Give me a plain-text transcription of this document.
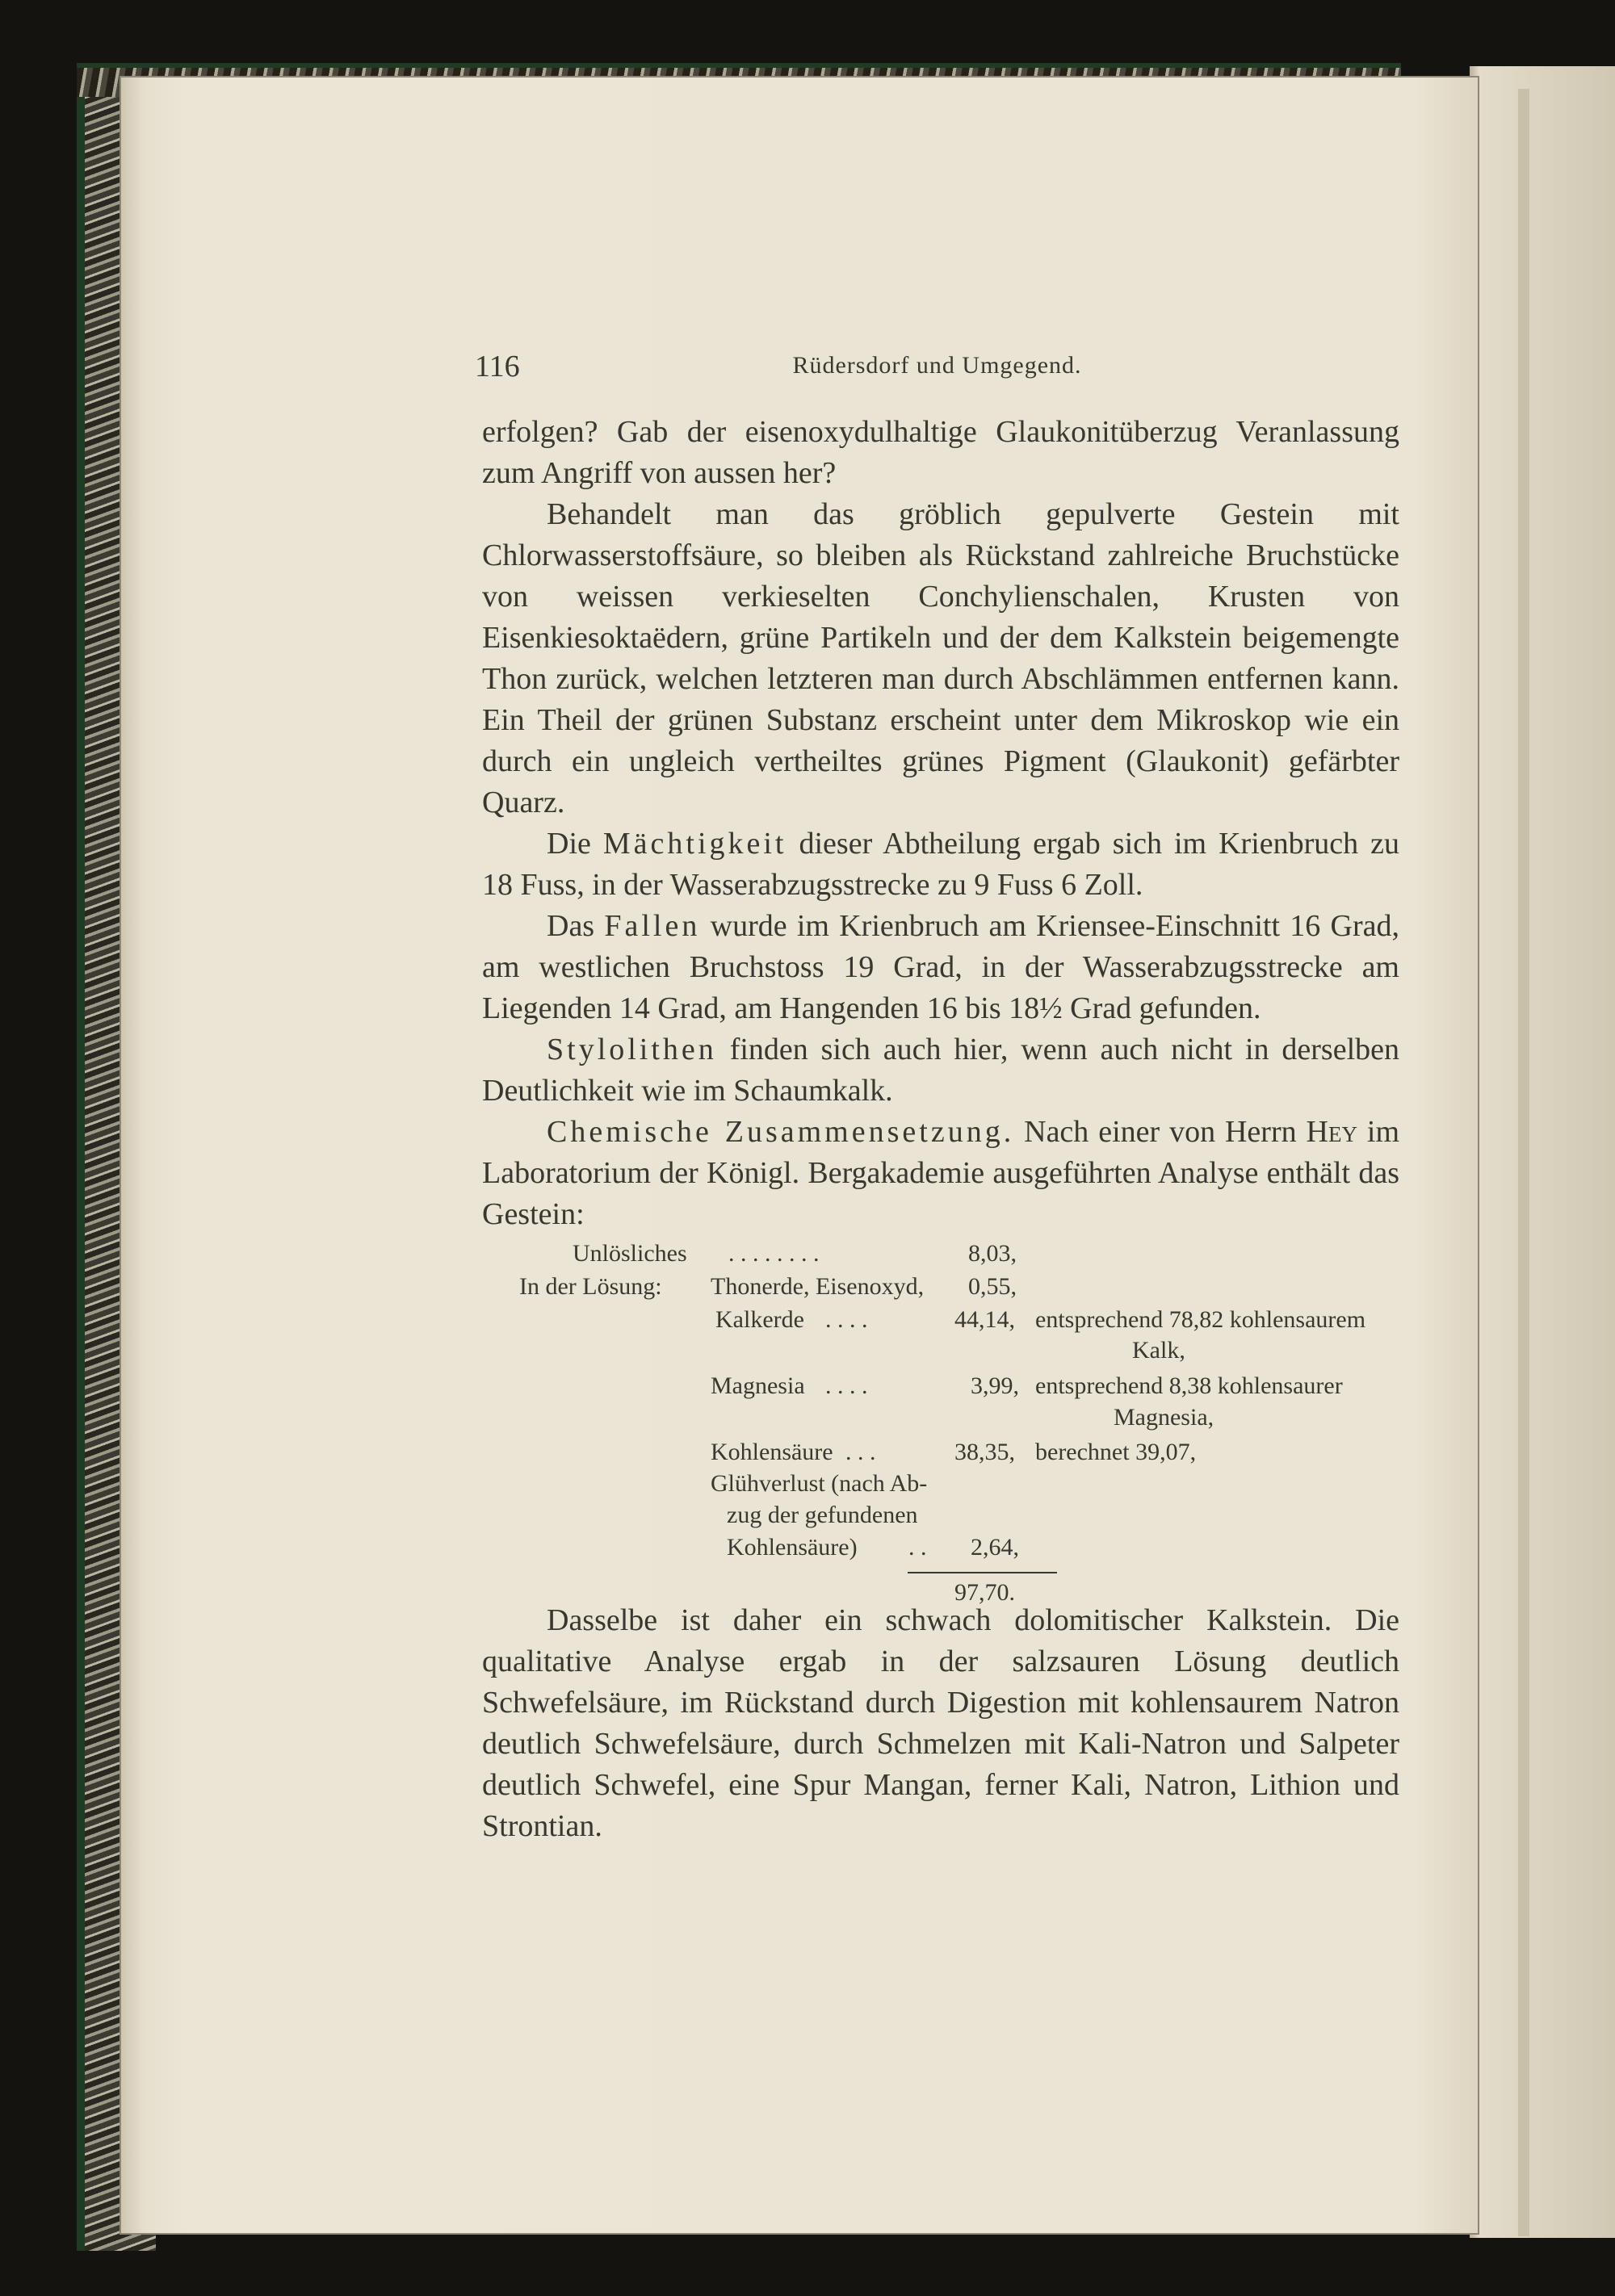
116	Rüdersdorf und Umgegend.

erfolgen? Gab der eisenoxydulhaltige Glaukonitüberzug Veranlassung zum Angriff von aussen her?

Behandelt man das gröblich gepulverte Gestein mit Chlorwasserstoffsäure, so bleiben als Rückstand zahlreiche Bruchstücke von weissen verkieselten Conchylienschalen, Krusten von Eisenkiesoktaëdern, grüne Partikeln und der dem Kalkstein beigemengte Thon zurück, welchen letzteren man durch Abschlämmen entfernen kann. Ein Theil der grünen Substanz erscheint unter dem Mikroskop wie ein durch ein ungleich vertheiltes grünes Pigment (Glaukonit) gefärbter Quarz.

Die Mächtigkeit dieser Abtheilung ergab sich im Krienbruch zu 18 Fuss, in der Wasserabzugsstrecke zu 9 Fuss 6 Zoll.

Das Fallen wurde im Krienbruch am Kriensee-Einschnitt 16 Grad, am westlichen Bruchstoss 19 Grad, in der Wasserabzugsstrecke am Liegenden 14 Grad, am Hangenden 16 bis 18½ Grad gefunden.

Stylolithen finden sich auch hier, wenn auch nicht in derselben Deutlichkeit wie im Schaumkalk.

Chemische Zusammensetzung. Nach einer von Herrn Hey im Laboratorium der Königl. Bergakademie ausgeführten Analyse enthält das Gestein:

Unlösliches . . . . . . . .	8,03,
In der Lösung: Thonerde, Eisenoxyd, 0,55,
Kalkerde . . . .	44,14, entsprechend 78,82 kohlensaurem
Kalk,
Magnesia . . . .	3,99, entsprechend 8,38 kohlensaurer
Magnesia,
Kohlensäure . . .	38,35, berechnet 39,07,
Glühverlust (nach Ab-
zug der gefundenen
Kohlensäure) . . 2,64,
97,70.

Dasselbe ist daher ein schwach dolomitischer Kalkstein. Die qualitative Analyse ergab in der salzsauren Lösung deutlich Schwefelsäure, im Rückstand durch Digestion mit kohlensaurem Natron deutlich Schwefelsäure, durch Schmelzen mit Kali-Natron und Salpeter deutlich Schwefel, eine Spur Mangan, ferner Kali, Natron, Lithion und Strontian.
